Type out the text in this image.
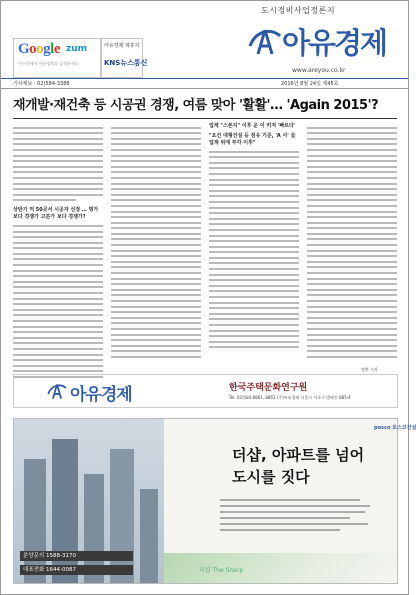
도시정비사업정론지
Google zum
인터넷에서 아유경제를 검색하세요
아유경제 제휴지
KNS뉴스통신
아유경제
www.areyou.co.kr
기사제보 : 02)584-3388	2016년 8월 24일 제45호
재개발·재건축 등 시공권 경쟁, 여름 맞아 '활활'… 'Again 2015'?
상반기 억 50곳서 시공자 선정 … 명가 보다 경쟁가 고분가 보다 경쟁가?
업계 "스폰지" 이후 운 이 커져 '빠르다'
"요건 대형건설 등 점유 기준, 'A 사' 들 업계 위에 부각 이후"
정봉 기자
아유경제	한국주택문화연구원
Tel. 02)584-8861, 8862 (주)아유경제 서울시 서초구 방배동 885-4
분양문의 1588-3170
대표전화 1644-0087
posco 포스코건설
더샵, 아파트를 넘어
도시를 짓다
더샵 The Sharp
